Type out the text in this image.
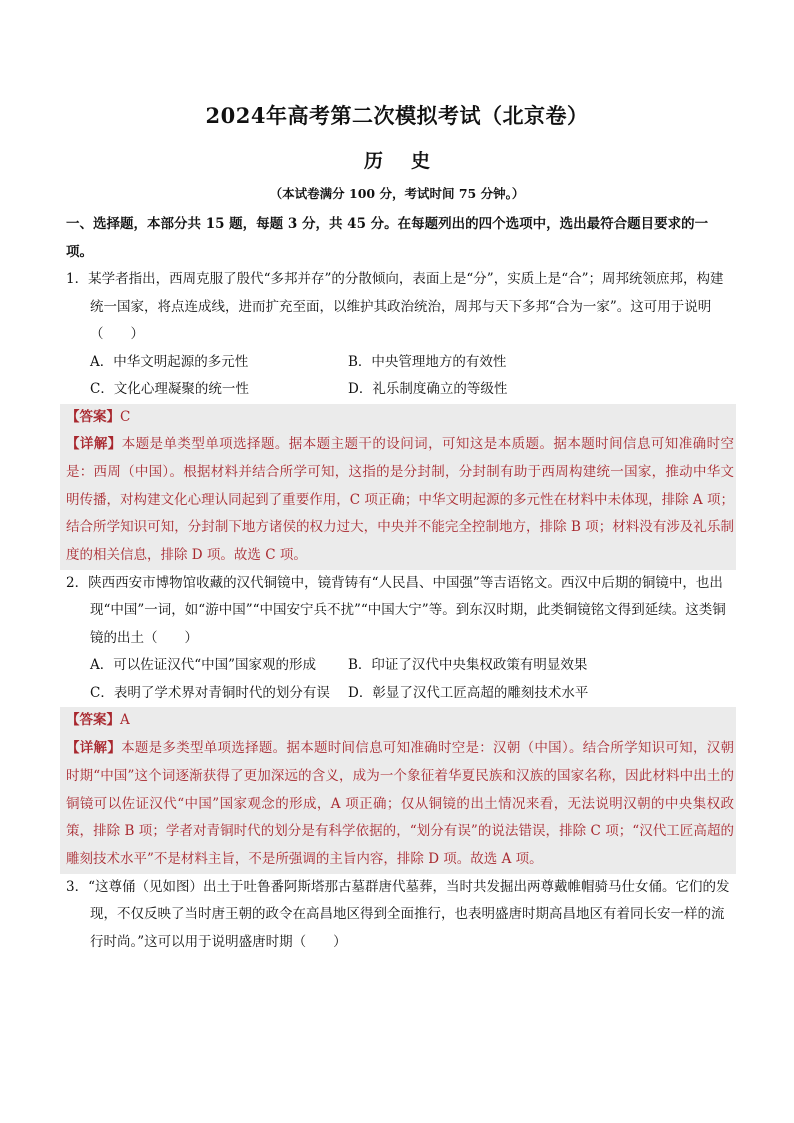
2024年高考第二次模拟考试（北京卷）
历史
（本试卷满分 100 分，考试时间 75 分钟。）
一、选择题，本部分共 15 题，每题 3 分，共 45 分。在每题列出的四个选项中，选出最符合题目要求的一项。
1．某学者指出，西周克服了殷代“多邦并存”的分散倾向，表面上是“分”，实质上是“合”；周邦统领庶邦，构建统一国家，将点连成线，进而扩充至面，以维护其政治统治，周邦与天下多邦“合为一家”。这可用于说明（　　）
A．中华文明起源的多元性	B．中央管理地方的有效性
C．文化心理凝聚的统一性	D．礼乐制度确立的等级性
【答案】C
【详解】本题是单类型单项选择题。据本题主题干的设问词，可知这是本质题。据本题时间信息可知准确时空是：西周（中国）。根据材料并结合所学可知，这指的是分封制，分封制有助于西周构建统一国家，推动中华文明传播，对构建文化心理认同起到了重要作用，C 项正确；中华文明起源的多元性在材料中未体现，排除 A 项；结合所学知识可知，分封制下地方诸侯的权力过大，中央并不能完全控制地方，排除 B 项；材料没有涉及礼乐制度的相关信息，排除 D 项。故选 C 项。
2．陕西西安市博物馆收藏的汉代铜镜中，镜背铸有“人民昌、中国强”等吉语铭文。西汉中后期的铜镜中，也出现“中国”一词，如“游中国”“中国安宁兵不扰”“中国大宁”等。到东汉时期，此类铜镜铭文得到延续。这类铜镜的出土（　　）
A．可以佐证汉代“中国”国家观的形成	B．印证了汉代中央集权政策有明显效果
C．表明了学术界对青铜时代的划分有误	D．彰显了汉代工匠高超的雕刻技术水平
【答案】A
【详解】本题是多类型单项选择题。据本题时间信息可知准确时空是：汉朝（中国）。结合所学知识可知，汉朝时期“中国”这个词逐渐获得了更加深远的含义，成为一个象征着华夏民族和汉族的国家名称，因此材料中出土的铜镜可以佐证汉代“中国”国家观念的形成，A 项正确；仅从铜镜的出土情况来看，无法说明汉朝的中央集权政策，排除 B 项；学者对青铜时代的划分是有科学依据的，“划分有误”的说法错误，排除 C 项；“汉代工匠高超的雕刻技术水平”不是材料主旨，不是所强调的主旨内容，排除 D 项。故选 A 项。
3．“这尊俑（见如图）出土于吐鲁番阿斯塔那古墓群唐代墓葬，当时共发掘出两尊戴帷帽骑马仕女俑。它们的发现，不仅反映了当时唐王朝的政令在高昌地区得到全面推行，也表明盛唐时期高昌地区有着同长安一样的流行时尚。”这可以用于说明盛唐时期（　　）
